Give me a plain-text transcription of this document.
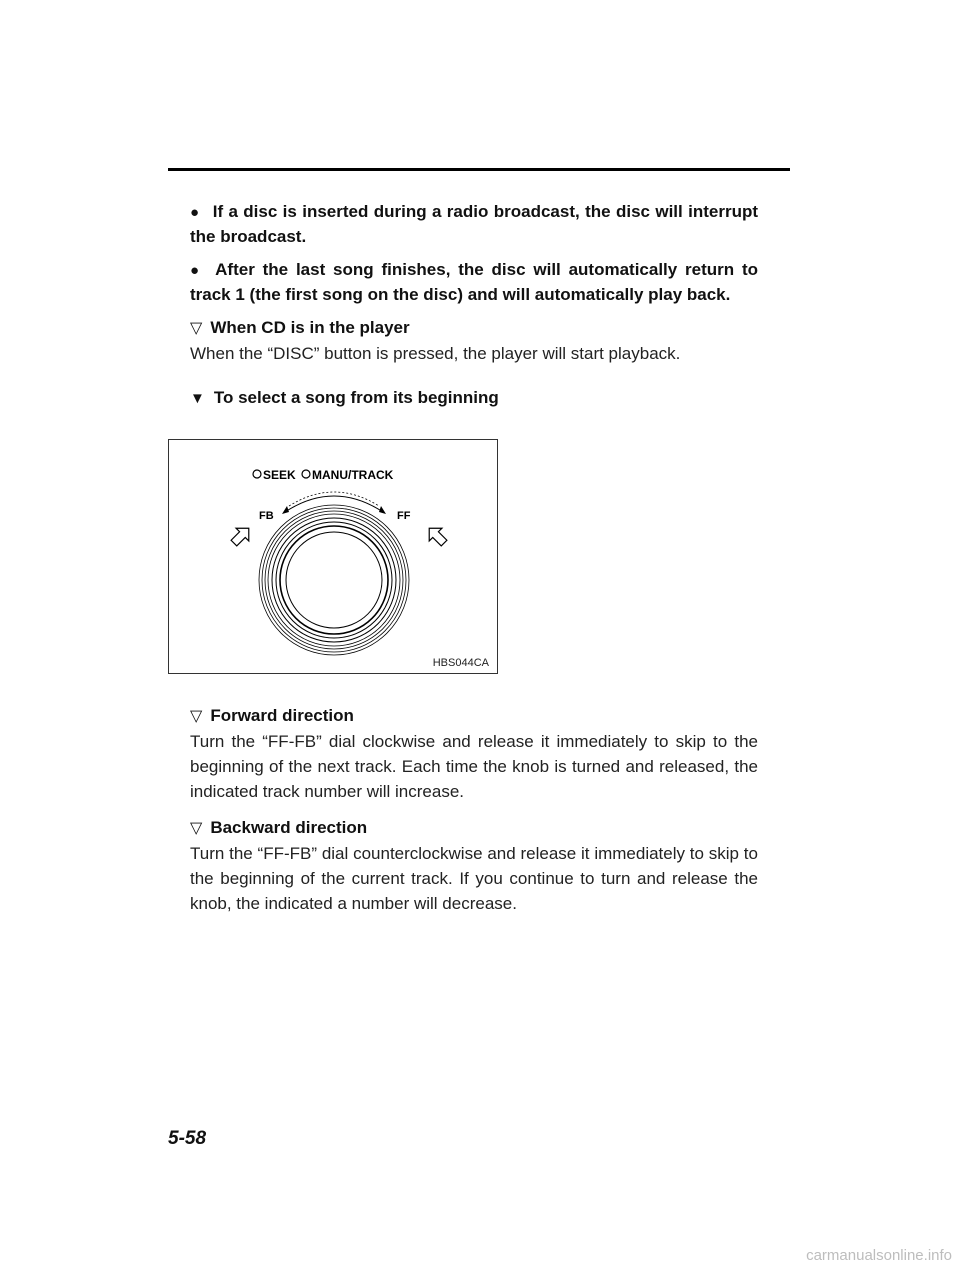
● If a disc is inserted during a radio broadcast, the disc will interrupt the broadcast.

● After the last song finishes, the disc will automatically return to track 1 (the first song on the disc) and will automatically play back.

▽ When CD is in the player

When the “DISC” button is pressed, the player will start playback.

▼ To select a song from its beginning

SEEK MANU/TRACK
FB	FF
HBS044CA

▽ Forward direction

Turn the “FF-FB” dial clockwise and release it immediately to skip to the beginning of the next track. Each time the knob is turned and released, the indicated track number will increase.

▽ Backward direction

Turn the “FF-FB” dial counterclockwise and release it immediately to skip to the beginning of the current track. If you continue to turn and release the knob, the indicated a number will decrease.

5-58
carmanualsonline.info
